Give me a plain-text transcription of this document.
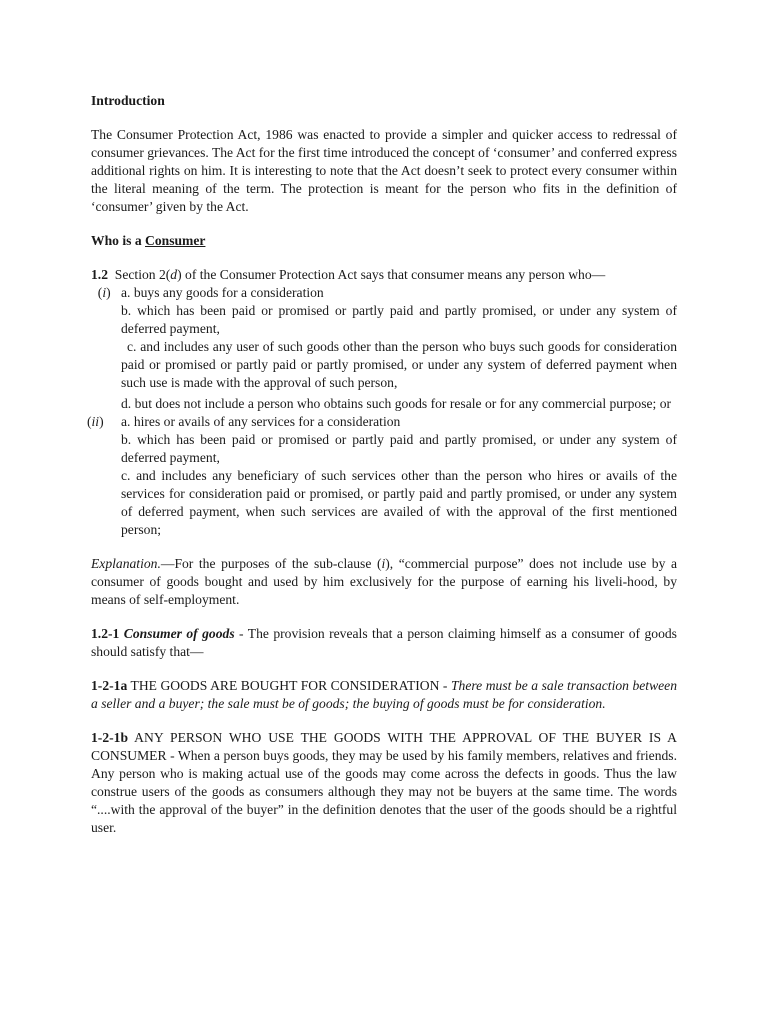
Introduction

The Consumer Protection Act, 1986 was enacted to provide a simpler and quicker access to redressal of consumer grievances. The Act for the first time introduced the concept of ‘consumer’ and conferred express additional rights on him. It is interesting to note that the Act doesn’t seek to protect every consumer within the literal meaning of the term. The protection is meant for the person who fits in the definition of ‘consumer’ given by the Act.

Who is a Consumer

1.2 Section 2(d) of the Consumer Protection Act says that consumer means any person who—

(i) a. buys any goods for a consideration

b. which has been paid or promised or partly paid and partly promised, or under any system of deferred payment,

c. and includes any user of such goods other than the person who buys such goods for consideration paid or promised or partly paid or partly promised, or under any system of deferred payment when such use is made with the approval of such person,

d. but does not include a person who obtains such goods for resale or for any commercial purpose; or

(ii)	a. hires or avails of any services for a consideration

b. which has been paid or promised or partly paid and partly promised, or under any system of deferred payment,

c. and includes any beneficiary of such services other than the person who hires or avails of the services for consideration paid or promised, or partly paid and partly promised, or under any system of deferred payment, when such services are availed of with the approval of the first mentioned person;

Explanation.—For the purposes of the sub-clause (i), “commercial purpose” does not include use by a consumer of goods bought and used by him exclusively for the purpose of earning his liveli-hood, by means of self-employment.

1.2-1 Consumer of goods - The provision reveals that a person claiming himself as a consumer of goods should satisfy that—

1-2-1a THE GOODS ARE BOUGHT FOR CONSIDERATION - There must be a sale transaction between a seller and a buyer; the sale must be of goods; the buying of goods must be for consideration.

1-2-1b ANY PERSON WHO USE THE GOODS WITH THE APPROVAL OF THE BUYER IS A CONSUMER - When a person buys goods, they may be used by his family members, relatives and friends. Any person who is making actual use of the goods may come across the defects in goods. Thus the law construe users of the goods as consumers although they may not be buyers at the same time. The words “....with the approval of the buyer” in the definition denotes that the user of the goods should be a rightful user.
